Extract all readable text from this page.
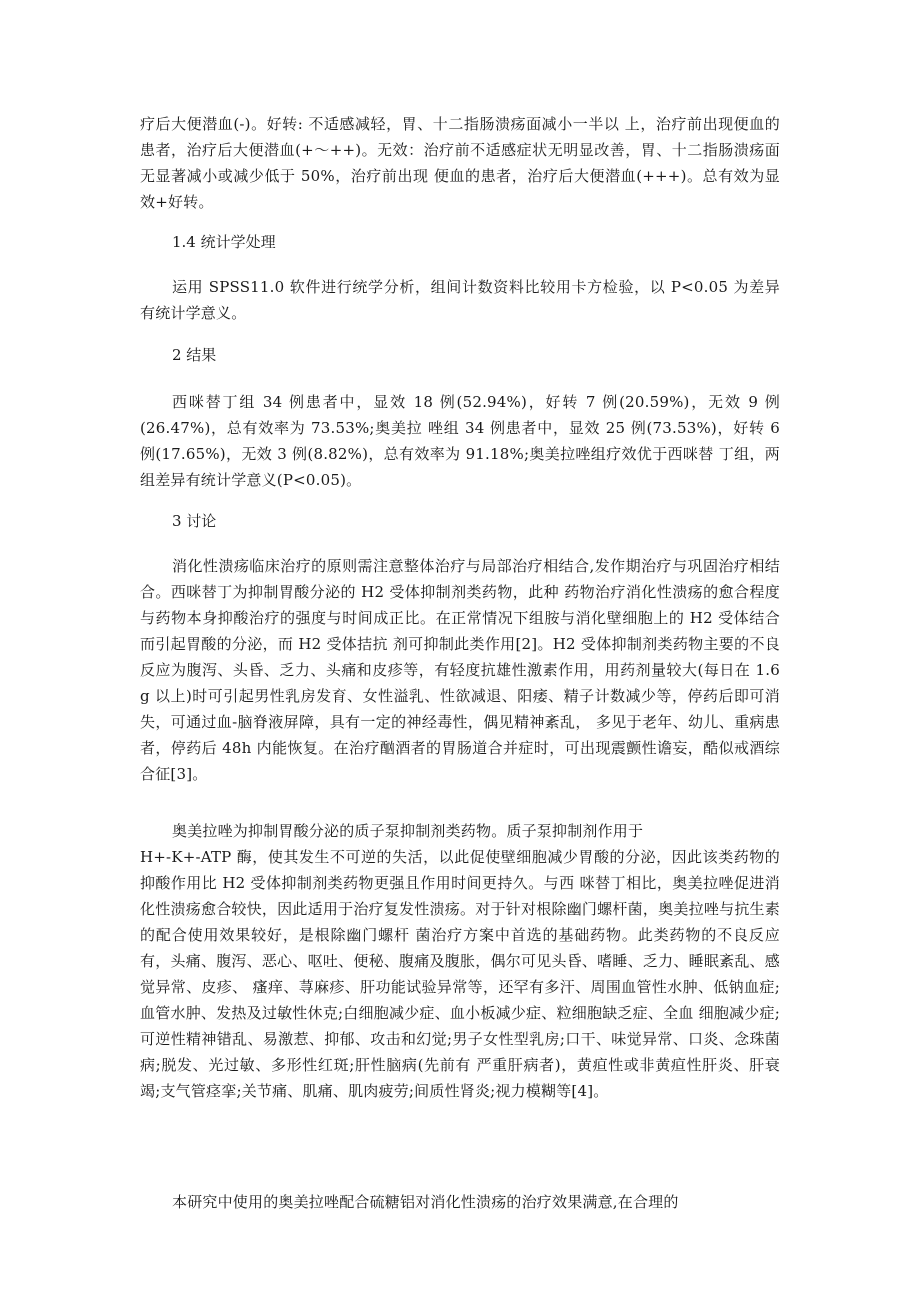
疗后大便潜血(-)。好转: 不适感减轻，胃、十二指肠溃疡面减小一半以 上，治疗前出现便血的患者，治疗后大便潜血(+～++)。无效：治疗前不适感症状无明显改善，胃、十二指肠溃疡面无显著减小或减少低于 50%，治疗前出现 便血的患者，治疗后大便潜血(+++)。总有效为显效+好转。

1.4 统计学处理

运用 SPSS11.0 软件进行统学分析，组间计数资料比较用卡方检验，以 P<0.05 为差异有统计学意义。

2 结果

西咪替丁组 34 例患者中，显效 18 例(52.94%)，好转 7 例(20.59%)，无效 9 例(26.47%)，总有效率为 73.53%;奥美拉 唑组 34 例患者中，显效 25 例(73.53%)，好转 6 例(17.65%)，无效 3 例(8.82%)，总有效率为 91.18%;奥美拉唑组疗效优于西咪替 丁组，两组差异有统计学意义(P<0.05)。

3 讨论

消化性溃疡临床治疗的原则需注意整体治疗与局部治疗相结合,发作期治疗与巩固治疗相结合。西咪替丁为抑制胃酸分泌的 H2 受体抑制剂类药物，此种 药物治疗消化性溃疡的愈合程度与药物本身抑酸治疗的强度与时间成正比。在正常情况下组胺与消化壁细胞上的 H2 受体结合而引起胃酸的分泌，而 H2 受体拮抗 剂可抑制此类作用[2]。H2 受体抑制剂类药物主要的不良反应为腹泻、头昏、乏力、头痛和皮疹等，有轻度抗雄性激素作用，用药剂量较大(每日在 1.6 g 以上)时可引起男性乳房发育、女性溢乳、性欲减退、阳痿、精子计数减少等，停药后即可消失，可通过血-脑脊液屏障，具有一定的神经毒性，偶见精神紊乱， 多见于老年、幼儿、重病患者，停药后 48h 内能恢复。在治疗酗酒者的胃肠道合并症时，可出现震颤性谵妄，酷似戒酒综合征[3]。

奥美拉唑为抑制胃酸分泌的质子泵抑制剂类药物。质子泵抑制剂作用于

H+-K+-ATP 酶，使其发生不可逆的失活，以此促使壁细胞减少胃酸的分泌，因此该类药物的抑酸作用比 H2 受体抑制剂类药物更强且作用时间更持久。与西 咪替丁相比，奥美拉唑促进消化性溃疡愈合较快，因此适用于治疗复发性溃疡。对于针对根除幽门螺杆菌，奥美拉唑与抗生素的配合使用效果较好，是根除幽门螺杆 菌治疗方案中首选的基础药物。此类药物的不良反应有，头痛、腹泻、恶心、呕吐、便秘、腹痛及腹胀，偶尔可见头昏、嗜睡、乏力、睡眠紊乱、感觉异常、皮疹、 瘙痒、荨麻疹、肝功能试验异常等，还罕有多汗、周围血管性水肿、低钠血症;血管水肿、发热及过敏性休克;白细胞减少症、血小板减少症、粒细胞缺乏症、全血 细胞减少症;可逆性精神错乱、易激惹、抑郁、攻击和幻觉;男子女性型乳房;口干、味觉异常、口炎、念珠菌病;脱发、光过敏、多形性红斑;肝性脑病(先前有 严重肝病者)，黄疸性或非黄疸性肝炎、肝衰竭;支气管痉挛;关节痛、肌痛、肌肉疲劳;间质性肾炎;视力模糊等[4]。

本研究中使用的奥美拉唑配合硫糖铝对消化性溃疡的治疗效果满意,在合理的
